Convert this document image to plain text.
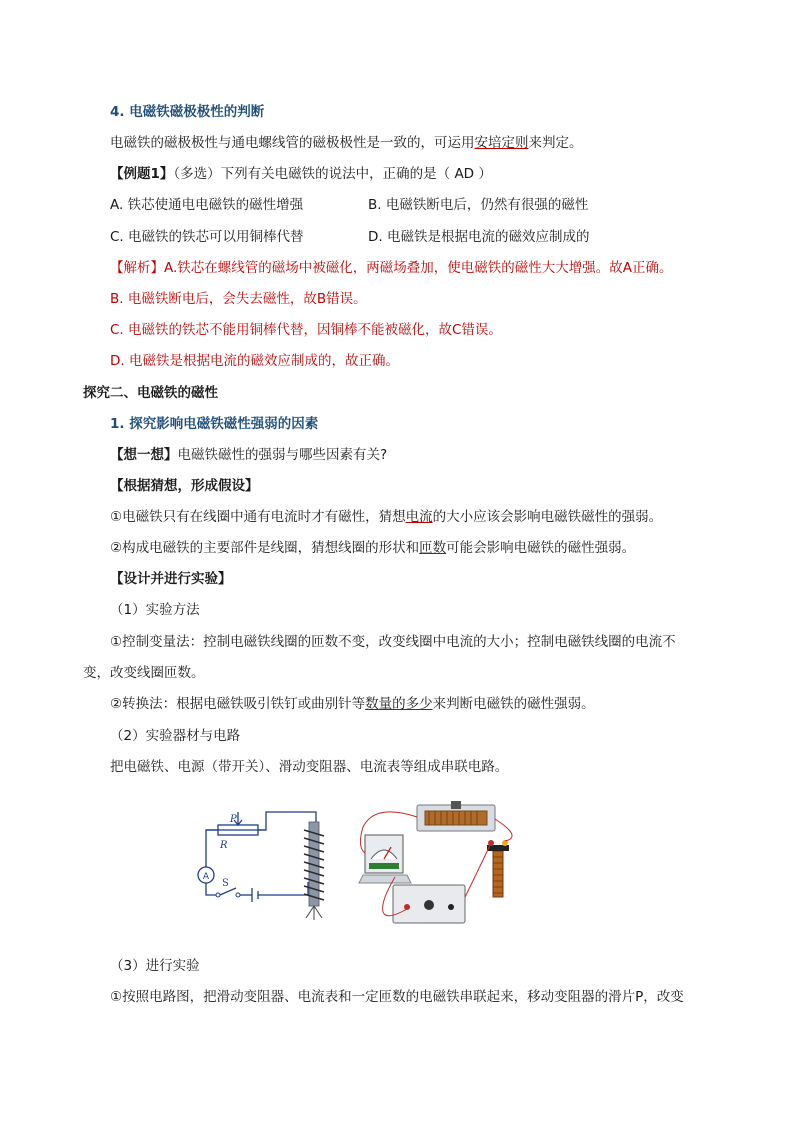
4. 电磁铁磁极极性的判断
电磁铁的磁极极性与通电螺线管的磁极极性是一致的，可运用安培定则来判定。
【例题1】（多选）下列有关电磁铁的说法中，正确的是（ AD ）
A. 铁芯使通电电磁铁的磁性增强	B. 电磁铁断电后，仍然有很强的磁性
C. 电磁铁的铁芯可以用铜棒代替	D. 电磁铁是根据电流的磁效应制成的
【解析】A.铁芯在螺线管的磁场中被磁化，两磁场叠加，使电磁铁的磁性大大增强。故A正确。
B. 电磁铁断电后，会失去磁性，故B错误。
C. 电磁铁的铁芯不能用铜棒代替，因铜棒不能被磁化，故C错误。
D. 电磁铁是根据电流的磁效应制成的，故正确。
探究二、电磁铁的磁性
1. 探究影响电磁铁磁性强弱的因素
【想一想】电磁铁磁性的强弱与哪些因素有关?
【根据猜想，形成假设】
①电磁铁只有在线圈中通有电流时才有磁性，猜想电流的大小应该会影响电磁铁磁性的强弱。
②构成电磁铁的主要部件是线圈，猜想线圈的形状和匝数可能会影响电磁铁的磁性强弱。
【设计并进行实验】
（1）实验方法
①控制变量法：控制电磁铁线圈的匝数不变，改变线圈中电流的大小；控制电磁铁线圈的电流不
变，改变线圈匝数。
②转换法：根据电磁铁吸引铁钉或曲别针等数量的多少来判断电磁铁的磁性强弱。
（2）实验器材与电路
把电磁铁、电源（带开关）、滑动变阻器、电流表等组成串联电路。
A
P
R
S
（3）进行实验
①按照电路图，把滑动变阻器、电流表和一定匝数的电磁铁串联起来，移动变阻器的滑片P，改变
